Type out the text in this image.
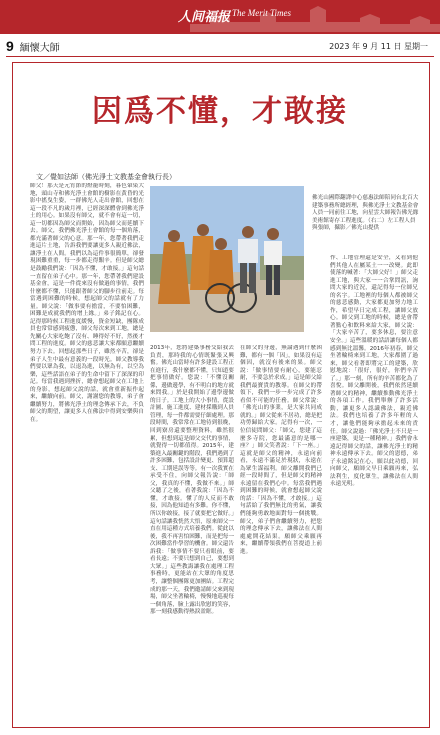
人间福报 The Merit Times
9 緬懷大師	2023 年 9 月 11 日 星期一
因爲不懂，才敢接
文／覺如法師（佛光淨土文教基金會執行長）
師父！那天是元宵節的燈籠時刻，暮色暈染大地，頭山寺和佛光淨土會館的樹影在黃昏的光影中搖曳生姿，一群佛光人走出會館，回想在這一段不凡的歲月裡，已經深深體會到佛光淨土的用心。如果沒有師父，就不會有這一切，這一切都因為師父而開始，因為師父而延續下去。師父，我們佛光淨土會館的每一個角落，都充滿著師父的心意。那一年，您帶著我們走進這片土地，告訴我們要讓更多人親近佛法，讓淨土在人間。我們以為這件事很簡單，卻發現困難重重，每一步都走得艱辛。但是師父總是鼓勵我們說：「因為不懂，才敢接。」這句話一直留在弟子心中。那一年，您帶著我們建設基金會，這是一件從來沒有做過的事情，我們什麼都不懂，只能跟著師父的腳步往前走。每當遇到困難的時候，想起師父的話就有了力量。師父說：「做事要有擔當，不要怕困難，困難是成就我們的增上緣。」弟子銘記在心。記得那時候工程進度緩慢，資金短缺，團隊成員也常常感到疲憊，師父每次來到工地，總是先關心大家吃飽了沒有、睡得好不好，然後才問工程的進度。師父的慈悲讓大家都願意繼續努力下去。回想起那些日子，雖然辛苦，卻是弟子人生中最有意義的一段時光。師父教導我們要以眾為我，以退為進，以無為有，以空為樂，這些話語在弟子的生命中留下了深深的印記。每當我遇到挫折，總會想起師父在工地上的身影，想起師父說的話，就會重新振作起來，繼續向前。師父，謝謝您的教導，弟子會繼續努力，將佛光淨土的理念傳承下去，不負師父的期望，讓更多人在佛法中得到安樂與自在。
佛光山國際翻譯中心慈惠法師陪同台北百大建築事務所總經理，與佛光淨土文教基金會人員一同前往工地，向星雲大師報告佛光緣美術館寄存工程進度。（右二）左工程人員與張師，攝影／佛光山提供
2013年，您將建築事務交給我去負責，那時我的心情既緊張又興奮。佛光山當時有許多建設工程正在進行，我什麼都不懂，只知道要把事情做好。您說：「不懂沒關係，邊做邊學，有不明白的地方就來問我。」於是我開始了邊學邊做的日子。工地上的大小事情，從設計圖、施工進度、建材採購到人員管理，每一件都需要仔細處理。那段時間，我常常在工地待到很晚，回到寮房還要整理資料。雖然很累，但想到這是師父交代的事情，就覺得一切都值得。2015年，建築進入最關鍵的階段，我們遇到了許多困難，包括設計變更、預算超支、工期延誤等等。有一次我實在承受不住，向師父報告說：「師父，我真的不懂，我做不來。」師父聽了之後，看著我說：「因為不懂，才敢接。懂了的人反而不敢接，因為他知道有多難。你不懂，所以你敢接，接了就要把它做好。」這句話讓我恍然大悟，原來師父一直在用這種方式培養我們。從此以後，我不再害怕困難，而是把每一次困難當作學習的機會。師父還告訴我：「做事情不要只看眼前，要看長遠；不要只想到自己，要想到大眾。」這些教誨讓我在處理工程事務時，更能站在大眾的角度思考，讓整個團隊更加團結。工程完成的那一天，我們邀請師父來到現場，師父坐著輪椅，慢慢地巡視每一個角落，臉上露出欣慰的笑容，那一刻我感動得熱淚盈眶。
在師父的身邊，無論遇到什麼困難，都有一個「因」，如果沒有這個因，就沒有後來的果。師父說：「做事情要有耐心，要能忍耐，不要急於求成。」這是師父給我們最寶貴的教導。在師父的帶領下，我們一步一步完成了許多看似不可能的任務。師父常說：「佛光山的事業，是大家共同成就的。」師父從來不居功，總是把功勞歸給大家。記得有一次，一位信徒問師父：「師父，您建了這麼多寺院，您最滿意的是哪一座？」師父笑著說：「下一座。」這就是師父的精神，永遠向前看，永遠不滿足於現狀，永遠在為眾生謀福利。師父離開我們已經一段時間了，但是師父的精神永遠留在我們心中。每當我們遇到困難的時候，就會想起師父說的話：「因為不懂，才敢接。」這句話給了我們無比的勇氣，讓我們能夠勇敢地面對每一個挑戰。師父，弟子們會繼續努力，把您的理念傳承下去，讓佛法在人間處處開花結果。願師父乘願再來，繼續帶領我們在菩提道上前進。
作、工地管理還是安全，又看到他們其他人在屬某土一一改變。此即使落的喊著：「大師父好！」師父走進工地，與大家一一合掌問訊，詢問大家的近況，還記得每一位師兄的名字。工地裡的每個人都被師父的慈悲感動，大家都更加努力地工作，希望早日完成工程，讓師父放心。師父到工地的時候，總是會帶著點心和飲料來給大家，師父說：「大家辛苦了，要多休息，要注意安全。」這些溫暖的話語讓每個人都感到無比溫馨。2016年初春，師父坐著輪椅來到工地，大家都圍了過來，師父看著即將完工的建築，欣慰地說：「很好，很好，你們辛苦了。」那一刻，所有的辛苦都化為了喜悅。師父離開後，我們依然延續著師父的精神，繼續推動佛光淨土的各項工作。我們舉辦了許多活動，讓更多人認識佛法，親近佛法。我們也培養了許多年輕的人才，讓他們能夠承擔起未來的責任。師父說過：「佛光淨土不只是一座建築，更是一種精神。」我們會永遠記得師父的話，讓佛光淨土的精神永遠傳承下去。師父的恩德，弟子永遠銘記在心，願以此功德，回向師父，願師父早日乘願再來，弘法利生，度化眾生，讓佛法在人間永遠光明。
